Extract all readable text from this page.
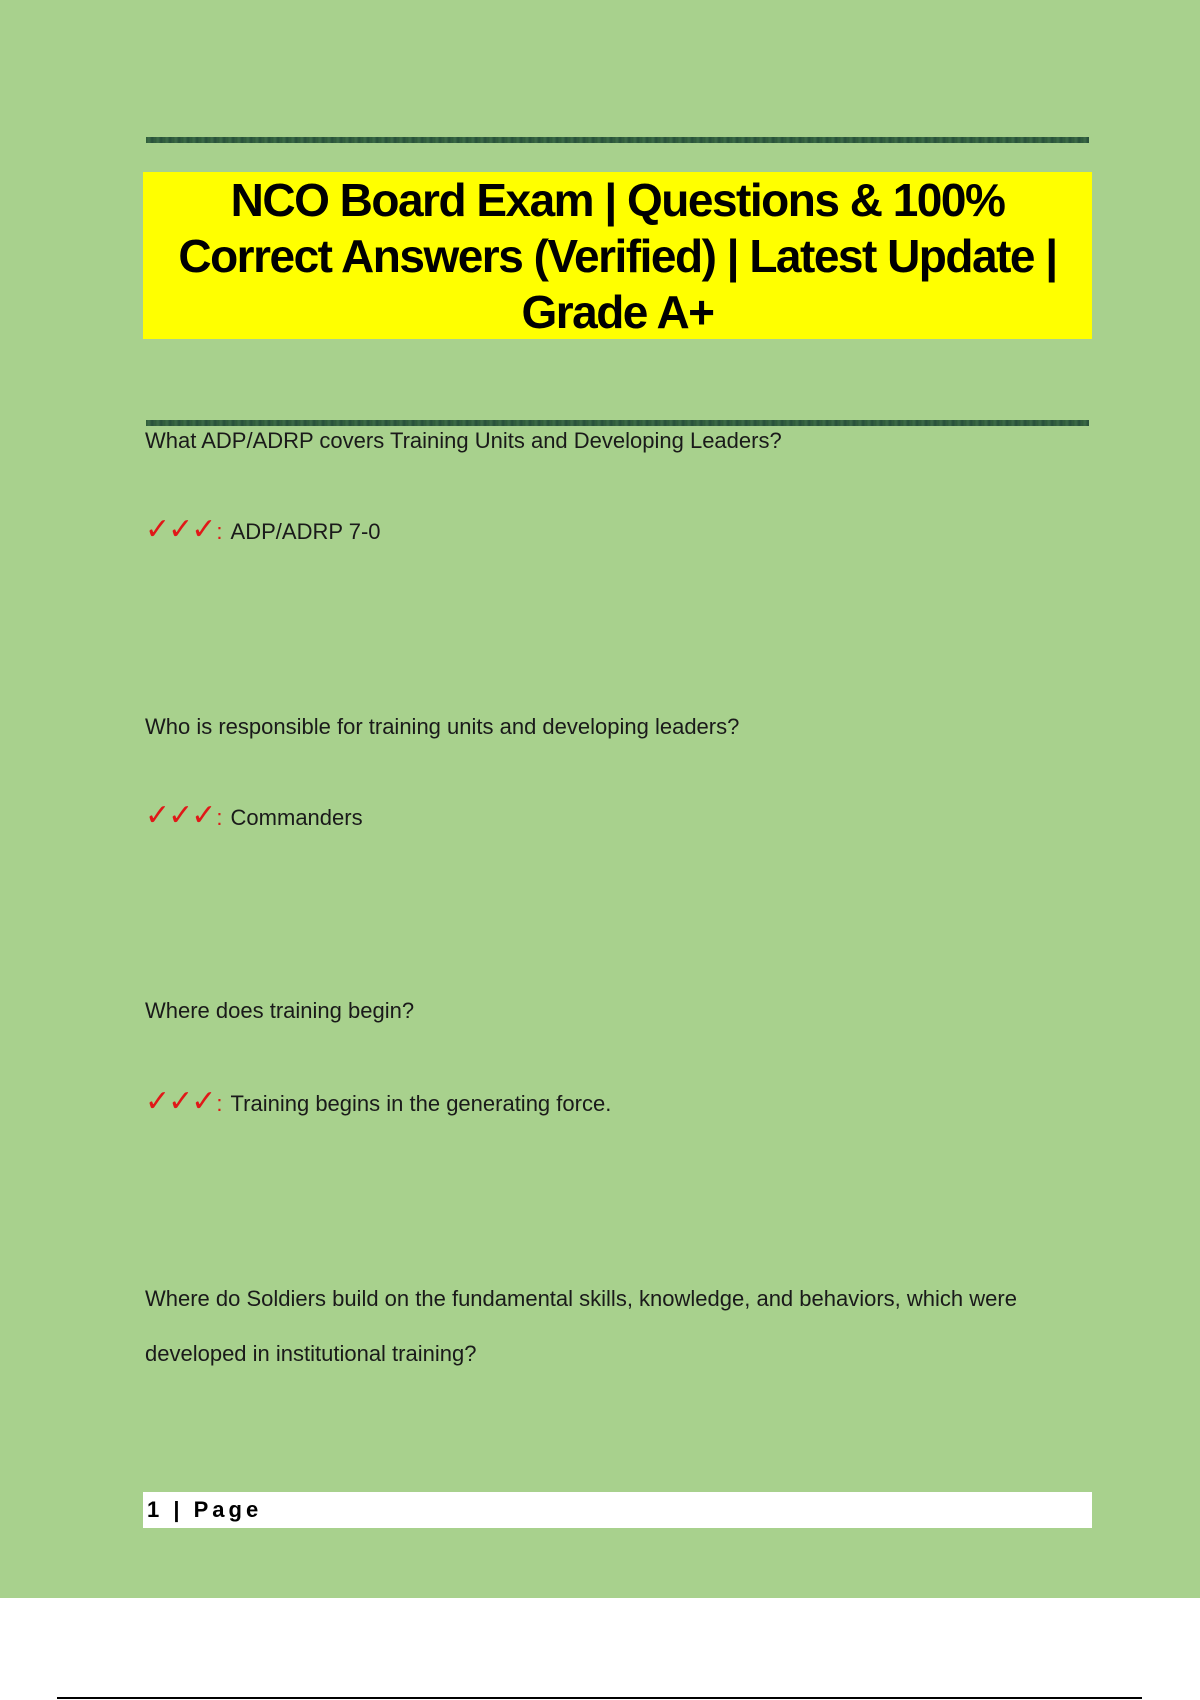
NCO Board Exam | Questions & 100% Correct Answers (Verified) | Latest Update | Grade A+

What ADP/ADRP covers Training Units and Developing Leaders?

✓✓✓ : ADP/ADRP 7-0

Who is responsible for training units and developing leaders?

✓✓✓ : Commanders

Where does training begin?

✓✓✓ : Training begins in the generating force.

Where do Soldiers build on the fundamental skills, knowledge, and behaviors, which were developed in institutional training?

1 | Page
